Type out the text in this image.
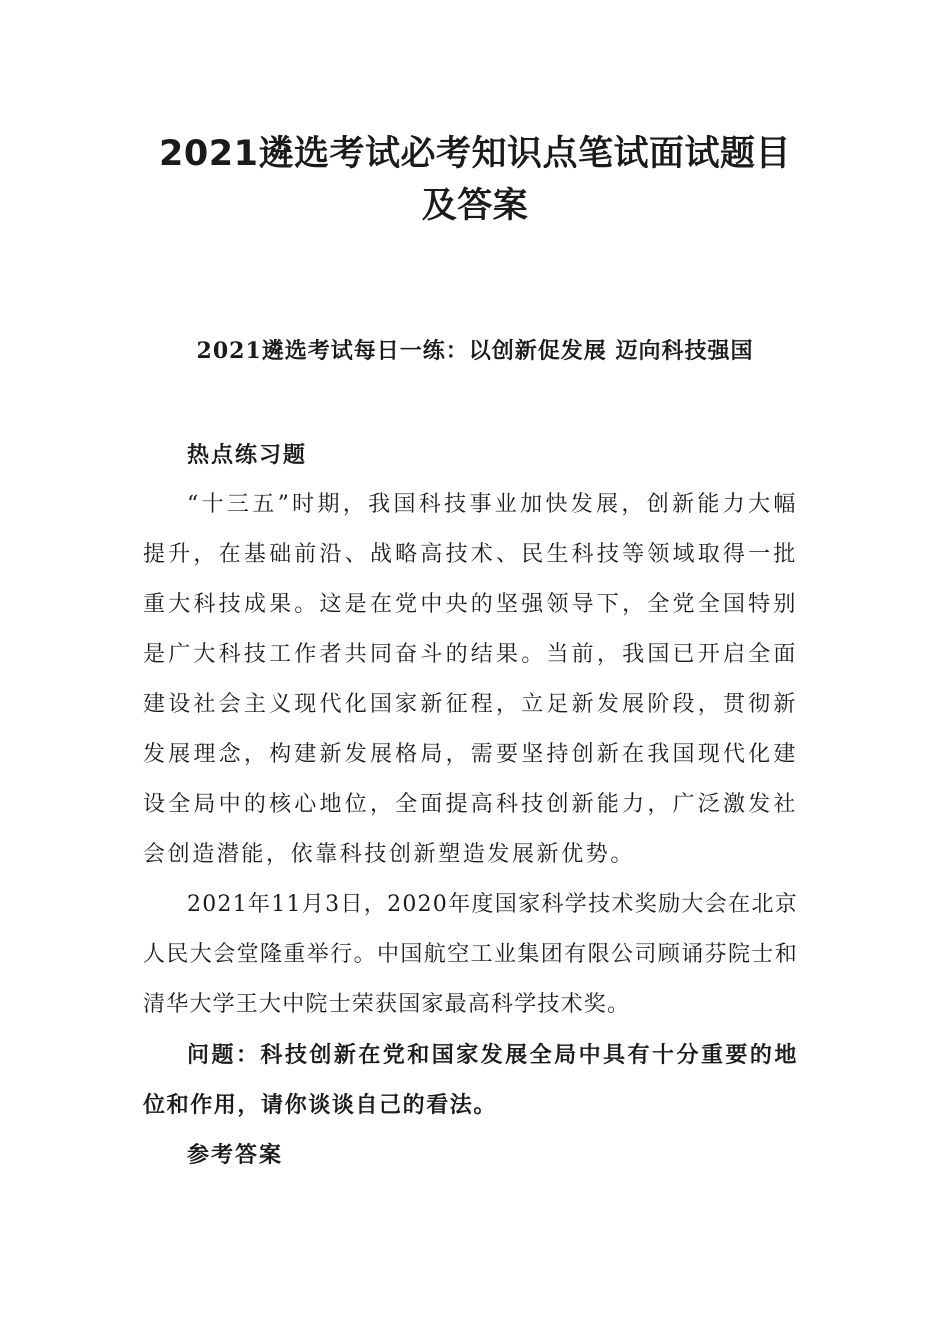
2021遴选考试必考知识点笔试面试题目
及答案
2021遴选考试每日一练：以创新促发展 迈向科技强国

热点练习题

“十三五”时期，我国科技事业加快发展，创新能力大幅提升，在基础前沿、战略高技术、民生科技等领域取得一批重大科技成果。这是在党中央的坚强领导下，全党全国特别是广大科技工作者共同奋斗的结果。当前，我国已开启全面建设社会主义现代化国家新征程，立足新发展阶段，贯彻新发展理念，构建新发展格局，需要坚持创新在我国现代化建设全局中的核心地位，全面提高科技创新能力，广泛激发社会创造潜能，依靠科技创新塑造发展新优势。

2021年11月3日，2020年度国家科学技术奖励大会在北京人民大会堂隆重举行。中国航空工业集团有限公司顾诵芬院士和清华大学王大中院士荣获国家最高科学技术奖。

问题：科技创新在党和国家发展全局中具有十分重要的地位和作用，请你谈谈自己的看法。

参考答案
